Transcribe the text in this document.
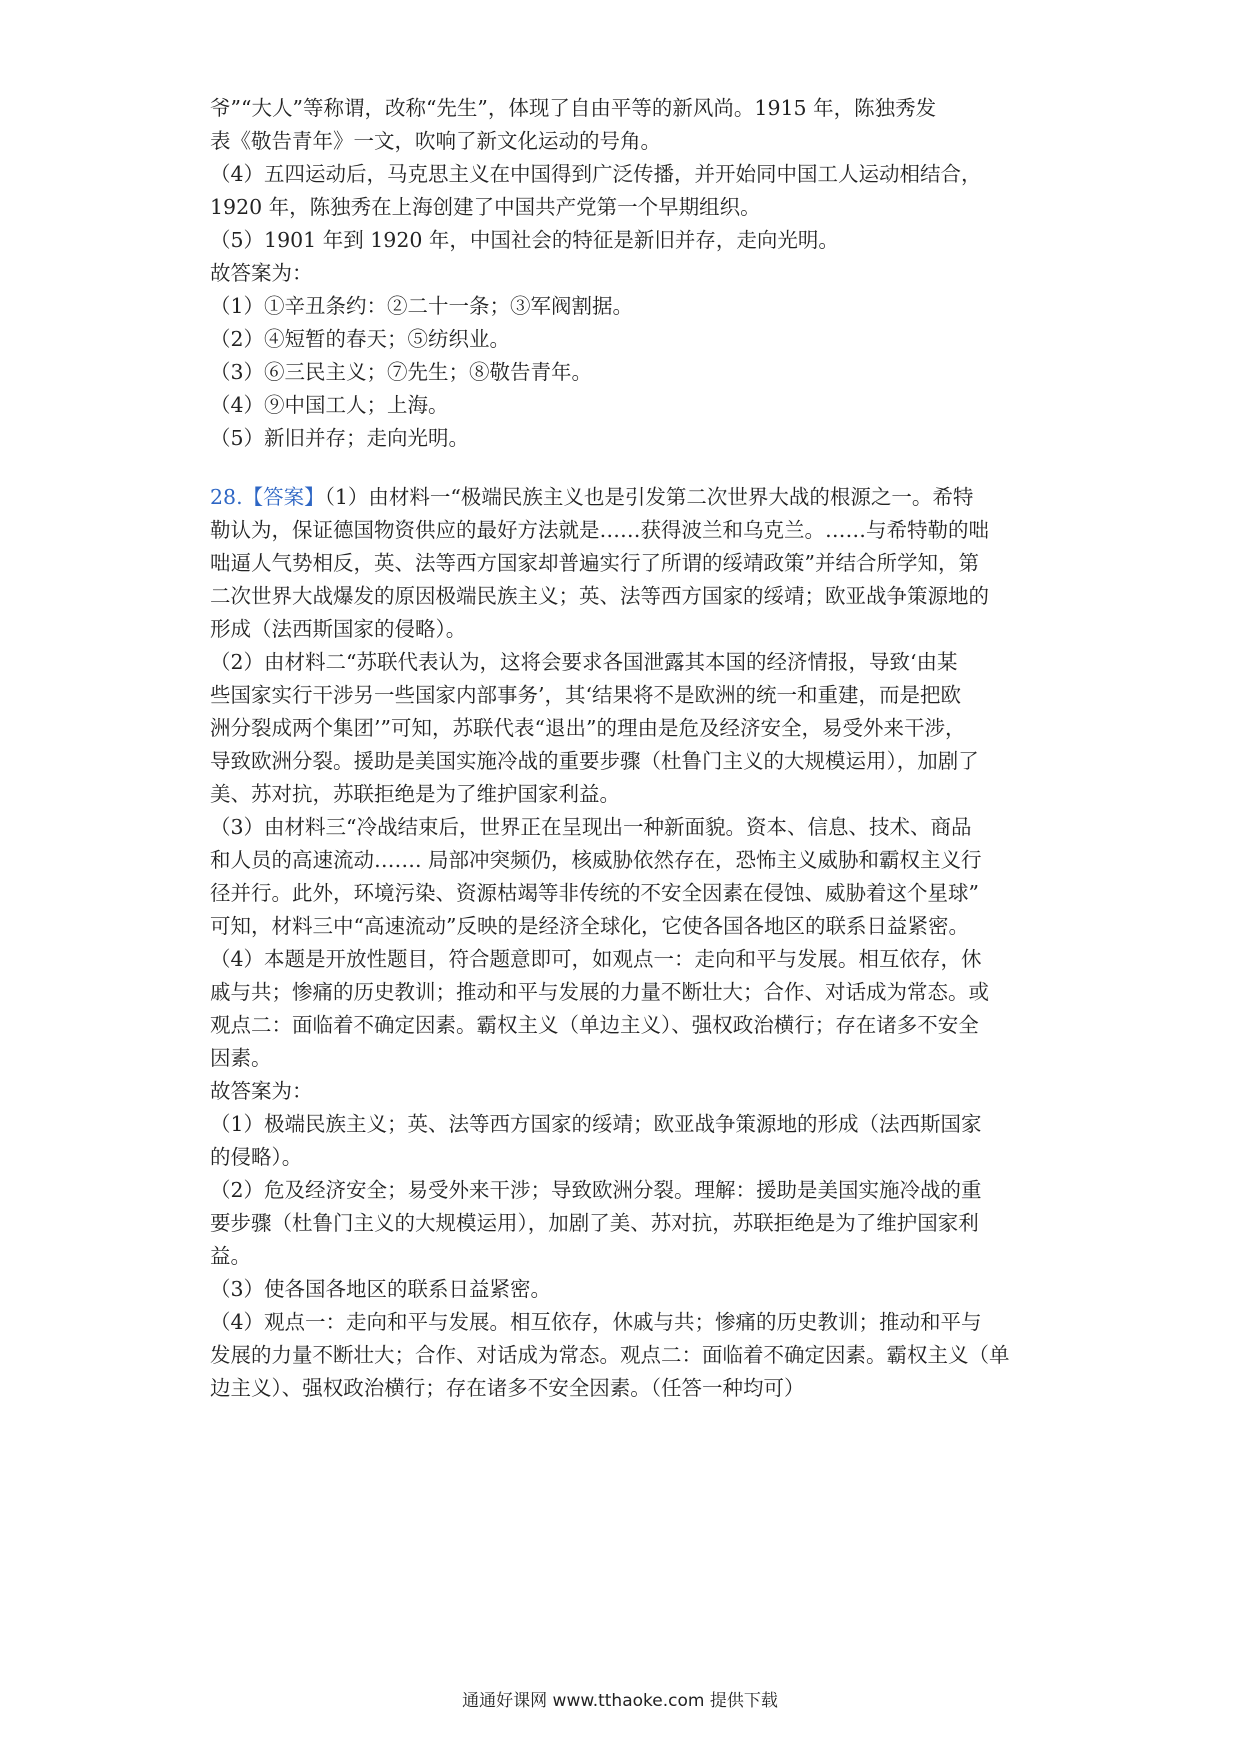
爷”“大人”等称谓，改称“先生”，体现了自由平等的新风尚。1915 年，陈独秀发
表《敬告青年》一文，吹响了新文化运动的号角。
（4）五四运动后，马克思主义在中国得到广泛传播，并开始同中国工人运动相结合，
1920 年，陈独秀在上海创建了中国共产党第一个早期组织。
（5）1901 年到 1920 年，中国社会的特征是新旧并存，走向光明。
故答案为：
（1）①辛丑条约：②二十一条；③军阀割据。
（2）④短暂的春天；⑤纺织业。
（3）⑥三民主义；⑦先生；⑧敬告青年。
（4）⑨中国工人；上海。
（5）新旧并存；走向光明。
28.【答案】（1）由材料一“极端民族主义也是引发第二次世界大战的根源之一。希特
勒认为，保证德国物资供应的最好方法就是……获得波兰和乌克兰。……与希特勒的咄
咄逼人气势相反，英、法等西方国家却普遍实行了所谓的绥靖政策”并结合所学知，第
二次世界大战爆发的原因极端民族主义；英、法等西方国家的绥靖；欧亚战争策源地的
形成（法西斯国家的侵略）。
（2）由材料二“苏联代表认为，这将会要求各国泄露其本国的经济情报，导致‘由某
些国家实行干涉另一些国家内部事务’，其‘结果将不是欧洲的统一和重建，而是把欧
洲分裂成两个集团’”可知，苏联代表“退出”的理由是危及经济安全，易受外来干涉，
导致欧洲分裂。援助是美国实施冷战的重要步骤（杜鲁门主义的大规模运用），加剧了
美、苏对抗，苏联拒绝是为了维护国家利益。
（3）由材料三“冷战结束后，世界正在呈现出一种新面貌。资本、信息、技术、商品
和人员的高速流动……. 局部冲突频仍，核威胁依然存在，恐怖主义威胁和霸权主义行
径并行。此外，环境污染、资源枯竭等非传统的不安全因素在侵蚀、威胁着这个星球”
可知，材料三中“高速流动”反映的是经济全球化，它使各国各地区的联系日益紧密。
（4）本题是开放性题目，符合题意即可，如观点一：走向和平与发展。相互依存，休
戚与共；惨痛的历史教训；推动和平与发展的力量不断壮大；合作、对话成为常态。或
观点二：面临着不确定因素。霸权主义（单边主义）、强权政治横行；存在诸多不安全
因素。
故答案为：
（1）极端民族主义；英、法等西方国家的绥靖；欧亚战争策源地的形成（法西斯国家
的侵略）。
（2）危及经济安全；易受外来干涉；导致欧洲分裂。理解：援助是美国实施冷战的重
要步骤（杜鲁门主义的大规模运用），加剧了美、苏对抗，苏联拒绝是为了维护国家利
益。
（3）使各国各地区的联系日益紧密。
（4）观点一：走向和平与发展。相互依存，休戚与共；惨痛的历史教训；推动和平与
发展的力量不断壮大；合作、对话成为常态。观点二：面临着不确定因素。霸权主义（单
边主义）、强权政治横行；存在诸多不安全因素。（任答一种均可）
通通好课网 www.tthaoke.com 提供下载
